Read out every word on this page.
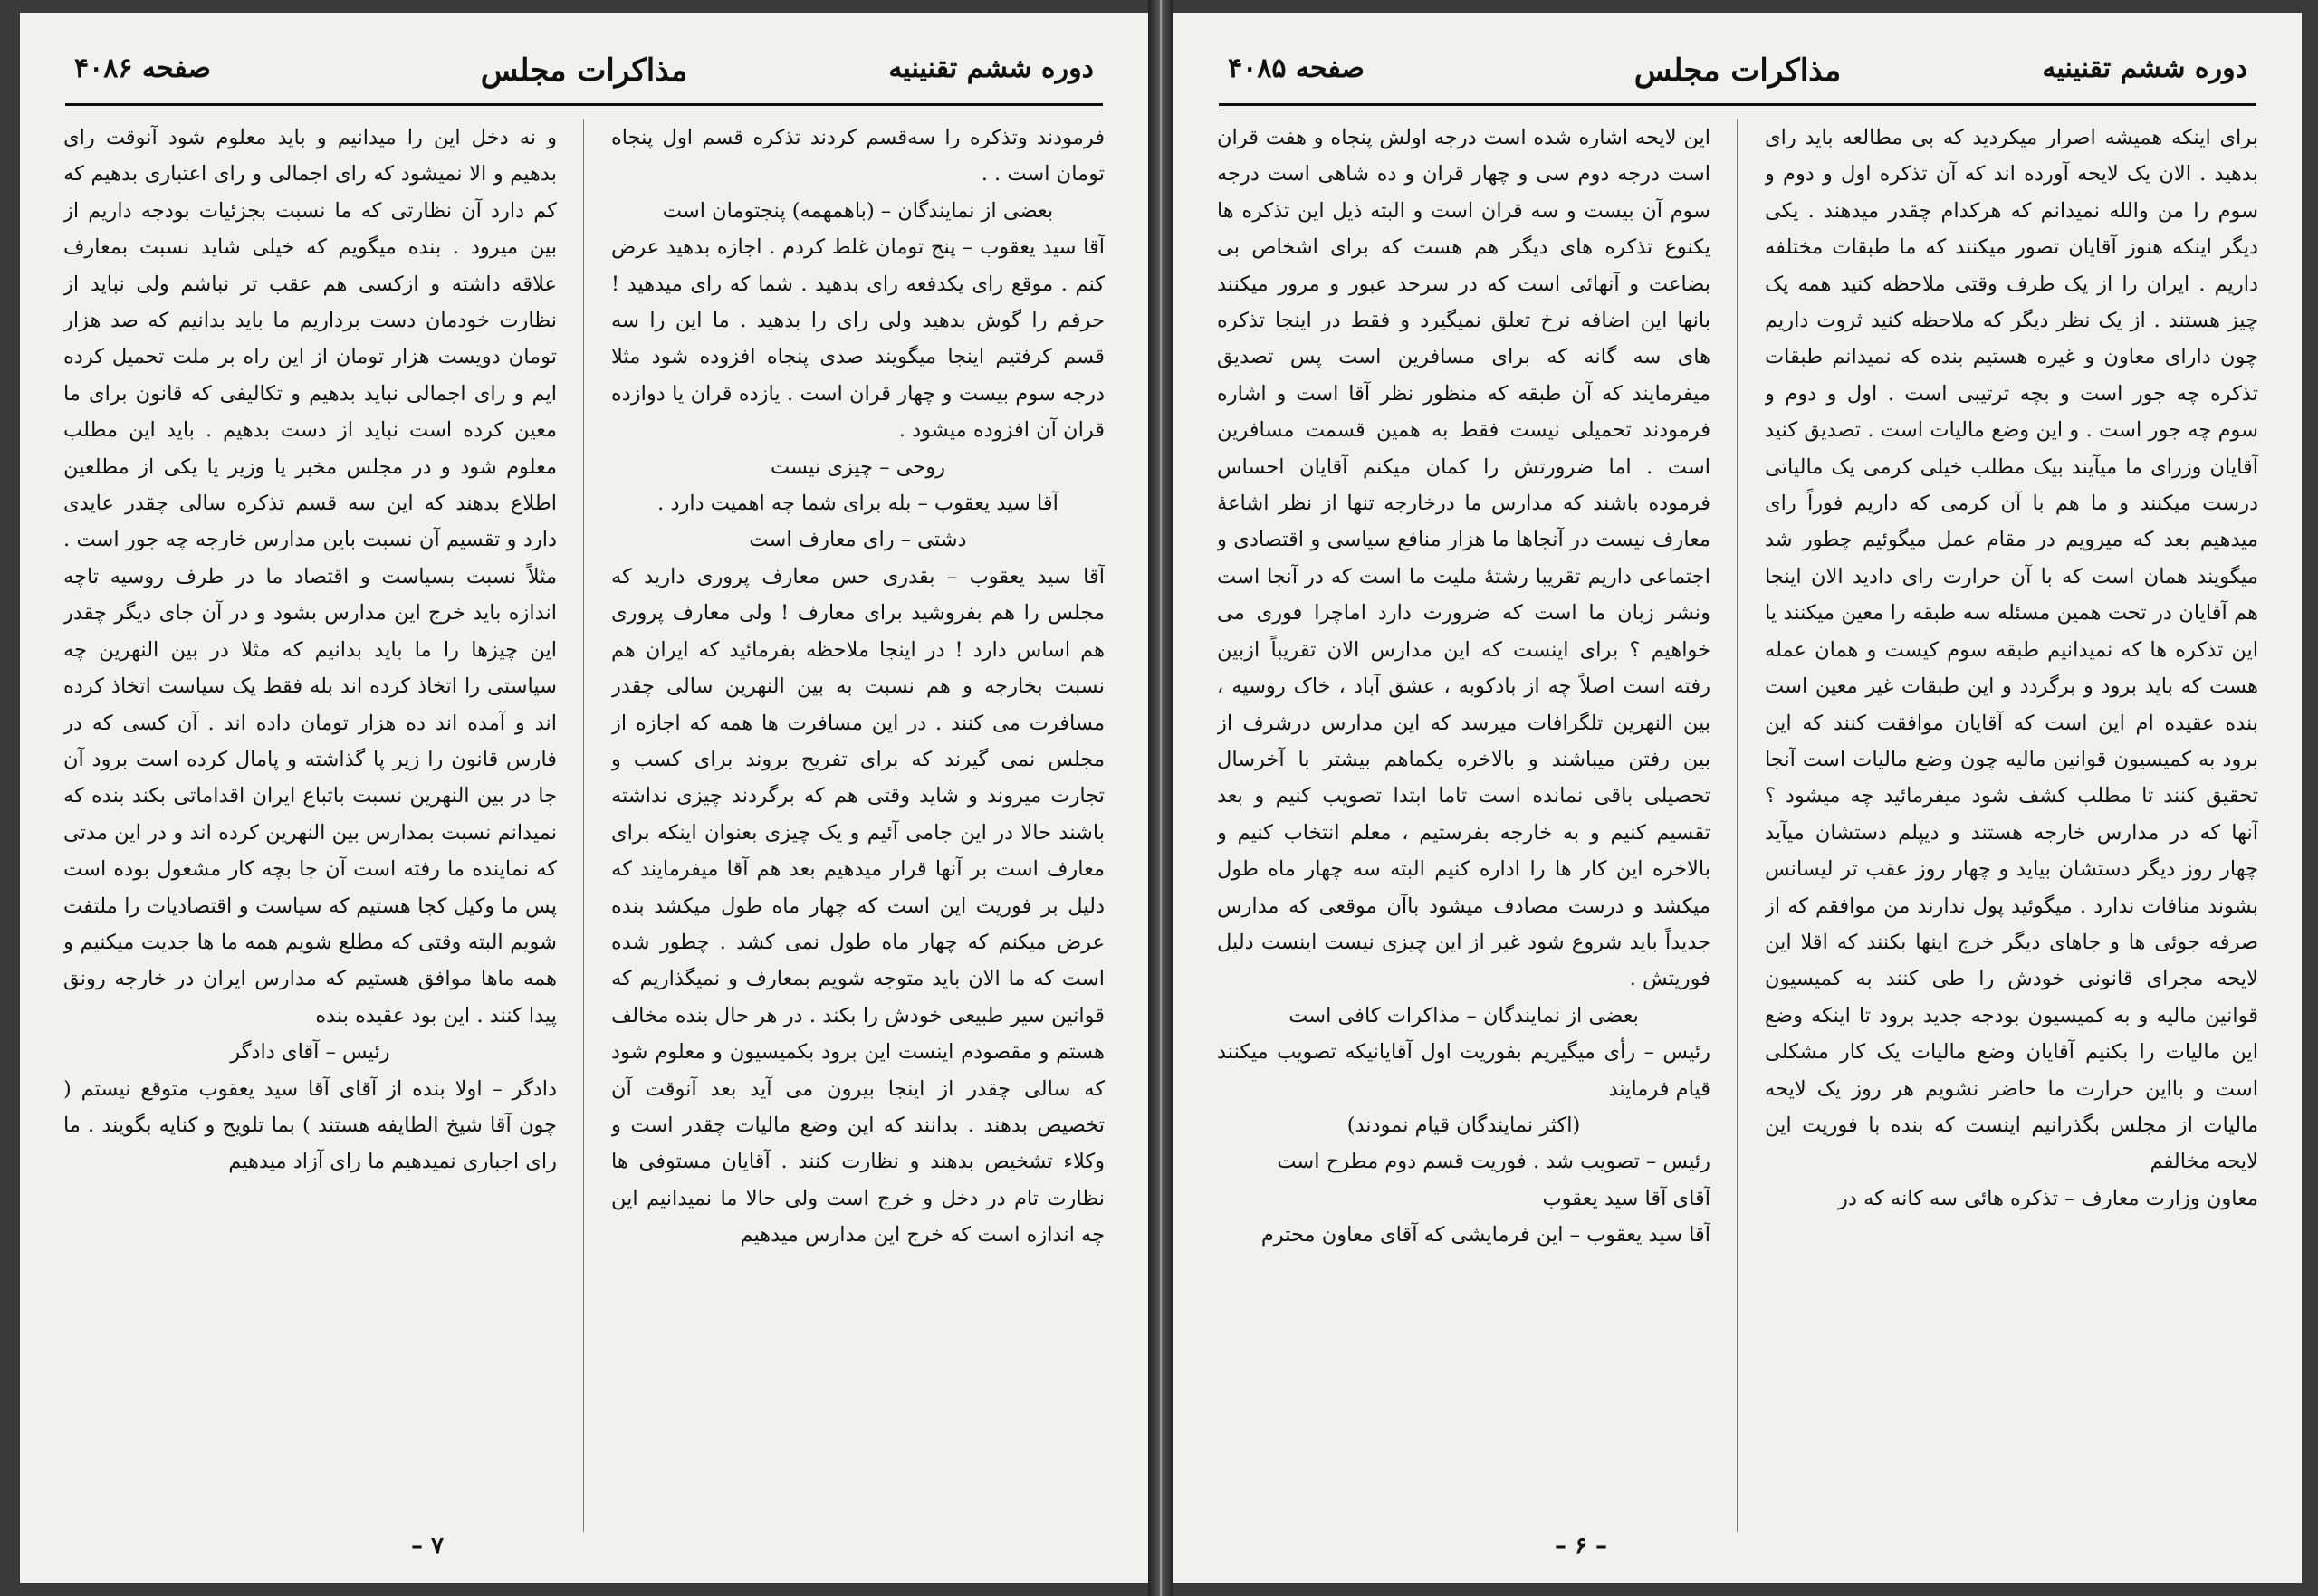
دوره ششم تقنینیه
مذاکرات مجلس
صفحه ۴۰۸۶

فرمودند وتذکره را سه‌قسم کردند تذکره قسم اول پنجاه تومان است . .

بعضی از نمایندگان – (باهمهمه) پنجتومان است

آقا سید یعقوب – پنج تومان غلط کردم . اجازه بدهید عرض کنم . موقع رای یکدفعه رای بدهید . شما که رای میدهید ! حرفم را گوش بدهید ولی رای را بدهید . ما این را سه قسم کرفتیم اینجا میگویند صدی پنجاه افزوده شود مثلا درجه سوم بیست و چهار قران است . یازده قران یا دوازده قران آن افزوده میشود .

روحی – چیزی نیست

آقا سید یعقوب – بله برای شما چه اهمیت دارد .

دشتی – رای معارف است

آقا سید یعقوب – بقدری حس معارف پروری دارید که مجلس را هم بفروشید برای معارف ! ولی معارف پروری هم اساس دارد ! در اینجا ملاحظه بفرمائید که ایران هم نسبت بخارجه و هم نسبت به بین النهرین سالی چقدر مسافرت می کنند . در این مسافرت ها همه که اجازه از مجلس نمی گیرند که برای تفریح بروند برای کسب و تجارت میروند و شاید وقتی هم که برگردند چیزی نداشته باشند حالا در این جامی آئیم و یک چیزی بعنوان اینکه برای معارف است بر آنها قرار میدهیم بعد هم آقا میفرمایند که دلیل بر فوریت این است که چهار ماه طول میکشد بنده عرض میکنم که چهار ماه طول نمی کشد . چطور شده است که ما الان باید متوجه شویم بمعارف و نمیگذاریم که قوانین سیر طبیعی خودش را بکند . در هر حال بنده مخالف هستم و مقصودم اینست این برود بکمیسیون و معلوم شود که سالی چقدر از اینجا بیرون می آید بعد آنوقت آن تخصیص بدهند . بدانند که این وضع مالیات چقدر است و وکلاء تشخیص بدهند و نظارت کنند . آقایان مستوفی ها نظارت تام در دخل و خرج است ولی حالا ما نمیدانیم این چه اندازه است که خرج این مدارس میدهیم

و نه دخل این را میدانیم و باید معلوم شود آنوقت رای بدهیم و الا نمیشود که رای اجمالی و رای اعتباری بدهیم که کم دارد آن نظارتی که ما نسبت بجزئیات بودجه داریم از بین میرود . بنده میگویم که خیلی شاید نسبت بمعارف علاقه داشته و ازکسی هم عقب تر نباشم ولی نباید از نظارت خودمان دست برداریم ما باید بدانیم که صد هزار تومان دویست هزار تومان از این راه بر ملت تحمیل کرده ایم و رای اجمالی نباید بدهیم و تکالیفی که قانون برای ما معین کرده است نباید از دست بدهیم . باید این مطلب معلوم شود و در مجلس مخبر یا وزیر یا یکی از مطلعین اطلاع بدهند که این سه قسم تذکره سالی چقدر عایدی دارد و تقسیم آن نسبت باین مدارس خارجه چه جور است . مثلاً نسبت بسیاست و اقتصاد ما در طرف روسیه تاچه اندازه باید خرج این مدارس بشود و در آن جای دیگر چقدر این چیزها را ما باید بدانیم که مثلا در بین النهرین چه سیاستی را اتخاذ کرده اند بله فقط یک سیاست اتخاذ کرده اند و آمده اند ده هزار تومان داده اند . آن کسی که در فارس قانون را زیر پا گذاشته و پامال کرده است برود آن جا در بین النهرین نسبت باتباع ایران اقداماتی بکند بنده که نمیدانم نسبت بمدارس بین النهرین کرده اند و در این مدتی که نماینده ما رفته است آن جا بچه کار مشغول بوده است پس ما وکیل کجا هستیم که سیاست و اقتصادیات را ملتفت شویم البته وقتی که مطلع شویم همه ما ها جدیت میکنیم و همه ماها موافق هستیم که مدارس ایران در خارجه رونق پیدا کنند . این بود عقیده بنده

رئیس – آقای دادگر

دادگر – اولا بنده از آقای آقا سید یعقوب متوقع نیستم ( چون آقا شیخ الطایفه هستند ) بما تلویح و کنایه بگویند . ما رای اجباری نمیدهیم ما رای آزاد میدهیم

– ۷
دوره ششم تقنینیه
مذاکرات مجلس
صفحه ۴۰۸۵

برای اینکه همیشه اصرار میکردید که بی مطالعه باید رای بدهید . الان یک لایحه آورده اند که آن تذکره اول و دوم و سوم را من والله نمیدانم که هرکدام چقدر میدهند . یکی دیگر اینکه هنوز آقایان تصور میکنند که ما طبقات مختلفه داریم . ایران را از یک طرف وقتی ملاحظه کنید همه یک چیز هستند . از یک نظر دیگر که ملاحظه کنید ثروت داریم چون دارای معاون و غیره هستیم بنده که نمیدانم طبقات تذکره چه جور است و بچه ترتیبی است . اول و دوم و سوم چه جور است . و این وضع مالیات است . تصدیق کنید آقایان وزرای ما میآیند بیک مطلب خیلی کرمی یک مالیاتی درست میکنند و ما هم با آن کرمی که داریم فوراً رای میدهیم بعد که میرویم در مقام عمل میگوئیم چطور شد میگویند همان است که با آن حرارت رای دادید الان اینجا هم آقایان در تحت همین مسئله سه طبقه را معین میکنند یا این تذکره ها که نمیدانیم طبقه سوم کیست و همان عمله هست که باید برود و برگردد و این طبقات غیر معین است بنده عقیده ام این است که آقایان موافقت کنند که این برود به کمیسیون قوانین مالیه چون وضع مالیات است آنجا تحقیق کنند تا مطلب کشف شود میفرمائید چه میشود ؟ آنها که در مدارس خارجه هستند و دیپلم دستشان میآید چهار روز دیگر دستشان بیاید و چهار روز عقب تر لیسانس بشوند منافات ندارد . میگوئید پول ندارند من موافقم که از صرفه جوئی ها و جاهای دیگر خرج اینها بکنند که اقلا این لایحه مجرای قانونی خودش را طی کنند به کمیسیون قوانین مالیه و به کمیسیون بودجه جدید برود تا اینکه وضع این مالیات را بکنیم آقایان وضع مالیات یک کار مشکلی است و بااین حرارت ما حاضر نشویم هر روز یک لایحه مالیات از مجلس بگذرانیم اینست که بنده با فوریت این لایحه مخالفم

معاون وزارت معارف – تذکره هائی سه کانه که در

این لایحه اشاره شده است درجه اولش پنجاه و هفت قران است درجه دوم سی و چهار قران و ده شاهی است درجه سوم آن بیست و سه قران است و البته ذیل این تذکره ها یکنوع تذکره های دیگر هم هست که برای اشخاص بی بضاعت و آنهائی است که در سرحد عبور و مرور میکنند بانها این اضافه نرخ تعلق نمیگیرد و فقط در اینجا تذکره های سه گانه که برای مسافرین است پس تصدیق میفرمایند که آن طبقه که منظور نظر آقا است و اشاره فرمودند تحمیلی نیست فقط به همین قسمت مسافرین است . اما ضرورتش را کمان میکنم آقایان احساس فرموده باشند که مدارس ما درخارجه تنها از نظر اشاعهٔ معارف نیست در آنجاها ما هزار منافع سیاسی و اقتصادی و اجتماعی داریم تقریبا رشتهٔ ملیت ما است که در آنجا است ونشر زبان ما است که ضرورت دارد اماچرا فوری می خواهیم ؟ برای اینست که این مدارس الان تقریباً ازبین رفته است اصلاً چه از بادکوبه ، عشق آباد ، خاک روسیه ، بین النهرین تلگرافات میرسد که این مدارس درشرف از بین رفتن میباشند و بالاخره یکماهم بیشتر با آخرسال تحصیلی باقی نمانده است تاما ابتدا تصویب کنیم و بعد تقسیم کنیم و به خارجه بفرستیم ، معلم انتخاب کنیم و بالاخره این کار ها را اداره کنیم البته سه چهار ماه طول میکشد و درست مصادف میشود باآن موقعی که مدارس جدیداً باید شروع شود غیر از این چیزی نیست اینست دلیل فوریتش .

بعضی از نمایندگان – مذاکرات کافی است

رئیس – رأی میگیریم بفوریت اول آقایانیکه تصویب میکنند قیام فرمایند

(اکثر نمایندگان قیام نمودند)

رئیس – تصویب شد . فوریت قسم دوم مطرح است

آقای آقا سید یعقوب

آقا سید یعقوب – این فرمایشی که آقای معاون محترم

– ۶ –
